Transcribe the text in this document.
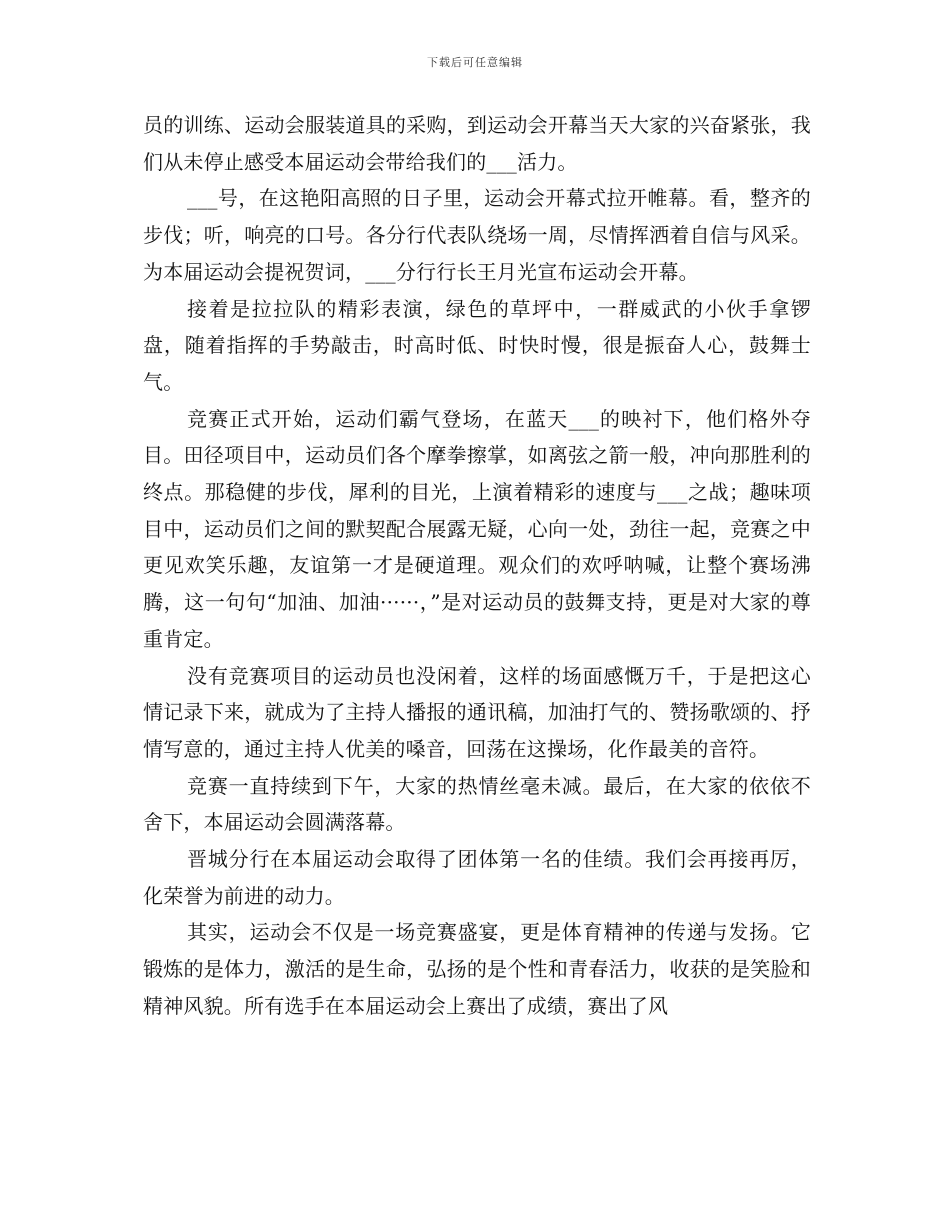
下载后可任意编辑

员的训练、运动会服装道具的采购，到运动会开幕当天大家的兴奋紧张，我们从未停止感受本届运动会带给我们的___活力。

___号，在这艳阳高照的日子里，运动会开幕式拉开帷幕。看，整齐的步伐；听，响亮的口号。各分行代表队绕场一周，尽情挥洒着自信与风采。为本届运动会提祝贺词，___分行行长王月光宣布运动会开幕。

接着是拉拉队的精彩表演，绿色的草坪中，一群威武的小伙手拿锣盘，随着指挥的手势敲击，时高时低、时快时慢，很是振奋人心，鼓舞士气。

竞赛正式开始，运动们霸气登场，在蓝天___的映衬下，他们格外夺目。田径项目中，运动员们各个摩拳擦掌，如离弦之箭一般，冲向那胜利的终点。那稳健的步伐，犀利的目光，上演着精彩的速度与___之战；趣味项目中，运动员们之间的默契配合展露无疑，心向一处，劲往一起，竞赛之中更见欢笑乐趣，友谊第一才是硬道理。观众们的欢呼呐喊，让整个赛场沸腾，这一句句“加油、加油······，”是对运动员的鼓舞支持，更是对大家的尊重肯定。

没有竞赛项目的运动员也没闲着，这样的场面感慨万千，于是把这心情记录下来，就成为了主持人播报的通讯稿，加油打气的、赞扬歌颂的、抒情写意的，通过主持人优美的嗓音，回荡在这操场，化作最美的音符。

竞赛一直持续到下午，大家的热情丝毫未减。最后，在大家的依依不舍下，本届运动会圆满落幕。

晋城分行在本届运动会取得了团体第一名的佳绩。我们会再接再厉，化荣誉为前进的动力。

其实，运动会不仅是一场竞赛盛宴，更是体育精神的传递与发扬。它锻炼的是体力，激活的是生命，弘扬的是个性和青春活力，收获的是笑脸和精神风貌。所有选手在本届运动会上赛出了成绩，赛出了风
